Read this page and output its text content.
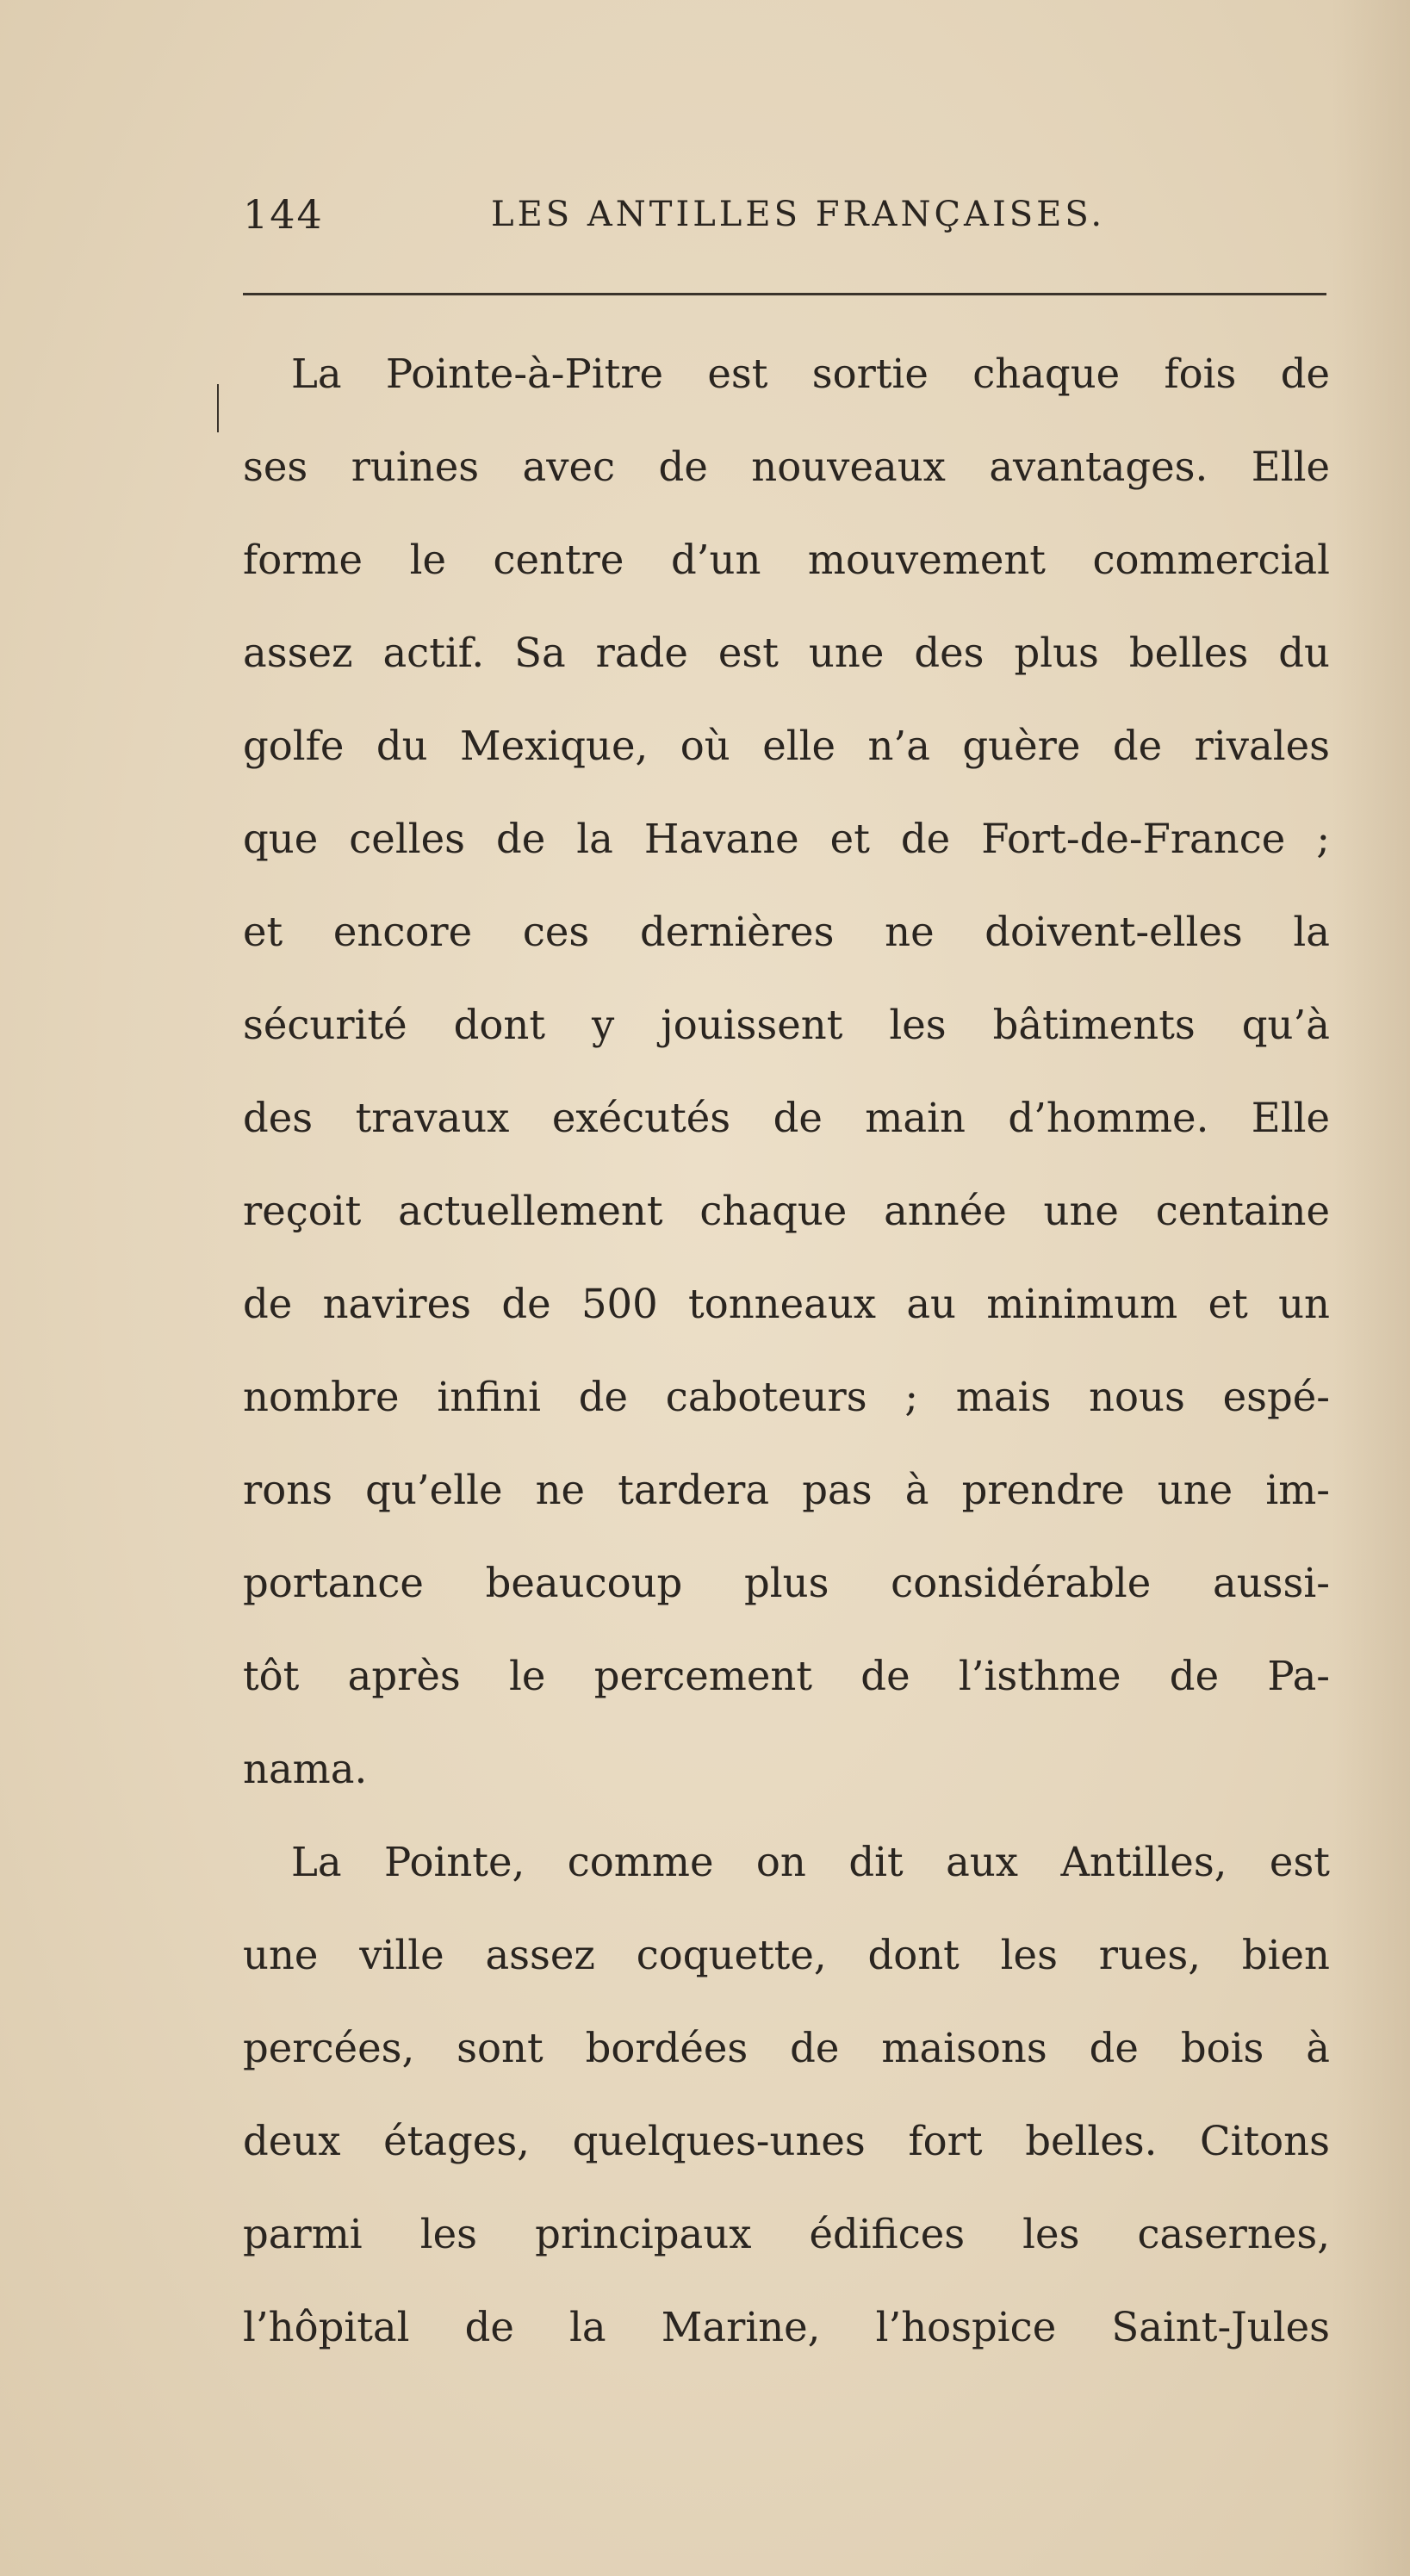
144	LES ANTILLES FRANÇAISES.
La Pointe-à-Pitre est sortie chaque fois de
ses ruines avec de nouveaux avantages. Elle
forme le centre d’un mouvement commercial
assez actif. Sa rade est une des plus belles du
golfe du Mexique, où elle n’a guère de rivales
que celles de la Havane et de Fort-de-France ;
et encore ces dernières ne doivent-elles la
sécurité dont y jouissent les bâtiments qu’à
des travaux exécutés de main d’homme. Elle
reçoit actuellement chaque année une centaine
de navires de 500 tonneaux au minimum et un
nombre infini de caboteurs ; mais nous espé-
rons qu’elle ne tardera pas à prendre une im-
portance beaucoup plus considérable aussi-
tôt après le percement de l’isthme de Pa-
nama.
La Pointe, comme on dit aux Antilles, est
une ville assez coquette, dont les rues, bien
percées, sont bordées de maisons de bois à
deux étages, quelques-unes fort belles. Citons
parmi les principaux édifices les casernes,
l’hôpital de la Marine, l’hospice Saint-Jules
